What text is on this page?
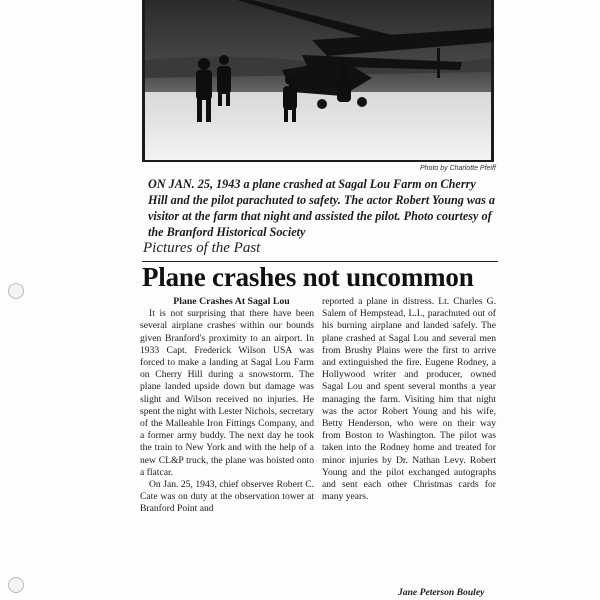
Photo by Charlotte Pfeiff
ON JAN. 25, 1943 a plane crashed at Sagal Lou Farm on Cherry Hill and the pilot parachuted to safety. The actor Robert Young was a visitor at the farm that night and assisted the pilot. Photo courtesy of the Branford Historical Society
Pictures of the Past
Plane crashes not uncommon

Plane Crashes At Sagal Lou

It is not surprising that there have been several airplane crashes within our bounds given Branford's proximity to an airport. In 1933 Capt. Frederick Wilson USA was forced to make a landing at Sagal Lou Farm on Cherry Hill during a snowstorm. The plane landed upside down but damage was slight and Wilson received no injuries. He spent the night with Lester Nichols, secretary of the Malleable Iron Fittings Company, and a former army buddy. The next day he took the train to New York and with the help of a new CL&P truck, the plane was hoisted onto a flatcar.

On Jan. 25, 1943, chief observer Robert C. Cate was on duty at the observation tower at Branford Point and

reported a plane in distress. Lt. Charles G. Salem of Hempstead, L.I., parachuted out of his burning airplane and landed safely. The plane crashed at Sagal Lou and several men from Brushy Plains were the first to arrive and extinguished the fire. Eugene Rodney, a Hollywood writer and producer, owned Sagal Lou and spent several months a year managing the farm. Visiting him that night was the actor Robert Young and his wife, Betty Henderson, who were on their way from Boston to Washington. The pilot was taken into the Rodney home and treated for minor injuries by Dr. Nathan Levy. Robert Young and the pilot exchanged autographs and sent each other Christmas cards for many years.

Jane Peterson Bouley
